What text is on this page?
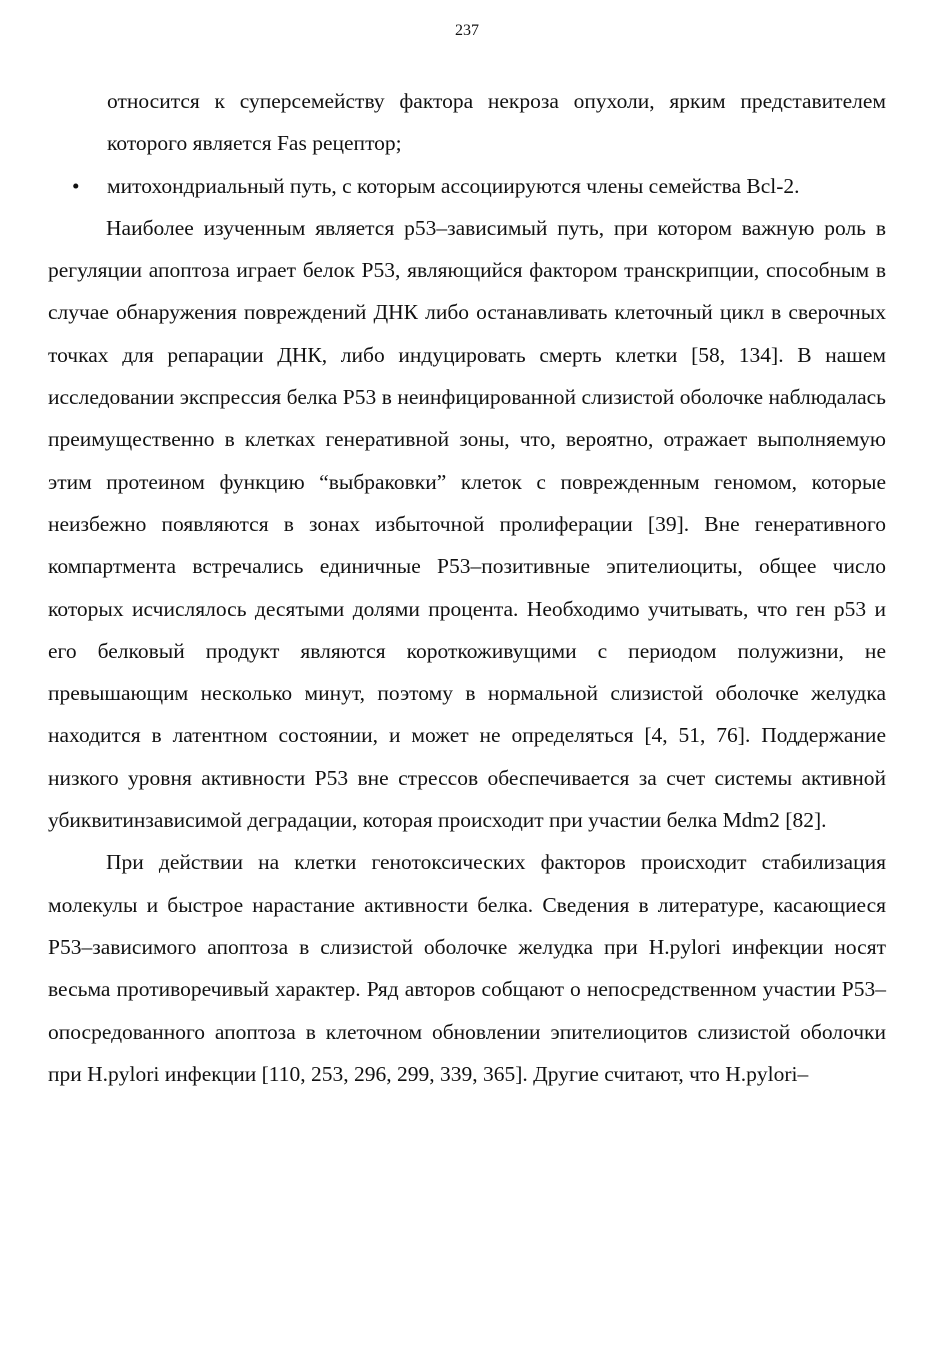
237

относится к суперсемейству фактора некроза опухоли, ярким представителем которого является Fas рецептор;

• митохондриальный путь, с которым ассоциируются члены семейства Bcl-2.

Наиболее изученным является p53–зависимый путь, при котором важную роль в регуляции апоптоза играет белок P53, являющийся фактором транскрипции, способным в случае обнаружения повреждений ДНК либо останавливать клеточный цикл в сверочных точках для репарации ДНК, либо индуцировать смерть клетки [58, 134]. В нашем исследовании экспрессия белка P53 в неинфицированной слизистой оболочке наблюдалась преимущественно в клетках генеративной зоны, что, вероятно, отражает выполняемую этим протеином функцию “выбраковки” клеток с поврежденным геномом, которые неизбежно появляются в зонах избыточной пролиферации [39]. Вне генеративного компартмента встречались единичные P53–позитивные эпителиоциты, общее число которых исчислялось десятыми долями процента. Необходимо учитывать, что ген p53 и его белковый продукт являются короткоживущими с периодом полужизни, не превышающим несколько минут, поэтому в нормальной слизистой оболочке желудка находится в латентном состоянии, и может не определяться [4, 51, 76]. Поддержание низкого уровня активности P53 вне стрессов обеспечивается за счет системы активной убиквитинзависимой деградации, которая происходит при участии белка Mdm2 [82].

При действии на клетки генотоксических факторов происходит стабилизация молекулы и быстрое нарастание активности белка. Сведения в литературе, касающиеся P53–зависимого апоптоза в слизистой оболочке желудка при H.pylori инфекции носят весьма противоречивый характер. Ряд авторов собщают о непосредственном участии P53–опосредованного апоптоза в клеточном обновлении эпителиоцитов слизистой оболочки при H.pylori инфекции [110, 253, 296, 299, 339, 365]. Другие считают, что H.pylori–
